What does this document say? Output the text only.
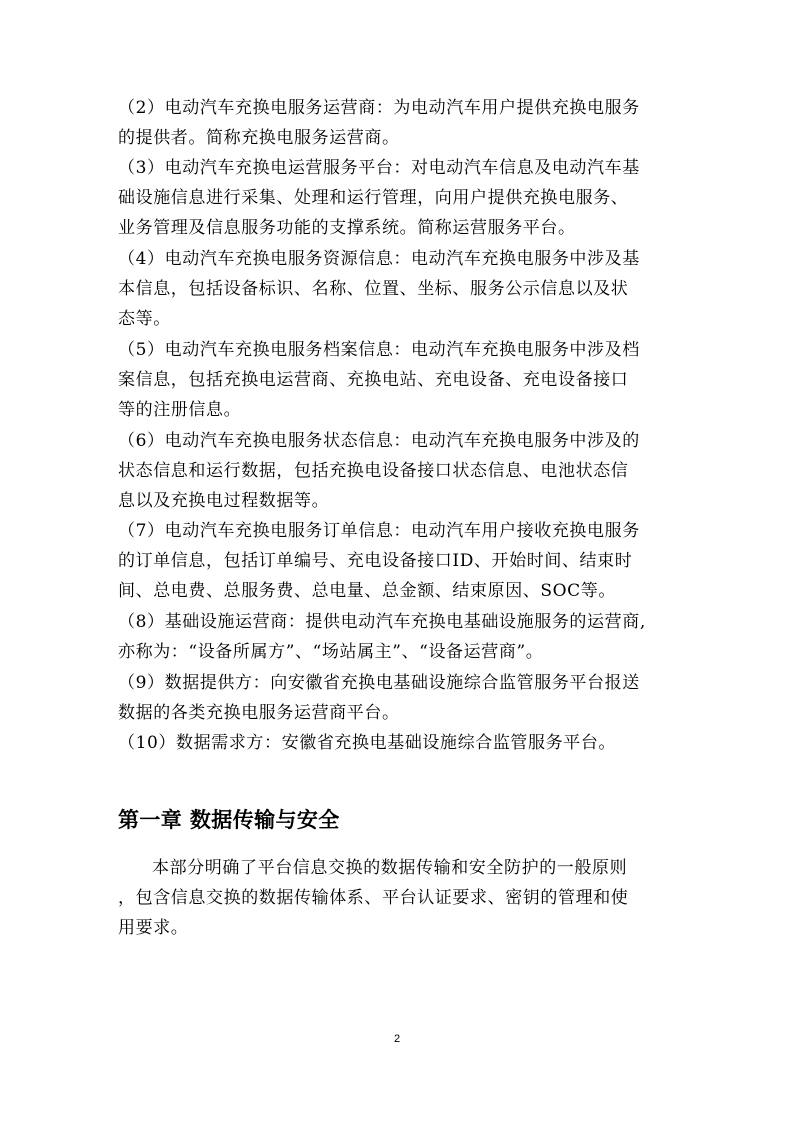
（2）电动汽车充换电服务运营商：为电动汽车用户提供充换电服务
的提供者。简称充换电服务运营商。
（3）电动汽车充换电运营服务平台：对电动汽车信息及电动汽车基
础设施信息进行采集、处理和运行管理，向用户提供充换电服务、
业务管理及信息服务功能的支撑系统。简称运营服务平台。
（4）电动汽车充换电服务资源信息：电动汽车充换电服务中涉及基
本信息，包括设备标识、名称、位置、坐标、服务公示信息以及状
态等。
（5）电动汽车充换电服务档案信息：电动汽车充换电服务中涉及档
案信息，包括充换电运营商、充换电站、充电设备、充电设备接口
等的注册信息。
（6）电动汽车充换电服务状态信息：电动汽车充换电服务中涉及的
状态信息和运行数据，包括充换电设备接口状态信息、电池状态信
息以及充换电过程数据等。
（7）电动汽车充换电服务订单信息：电动汽车用户接收充换电服务
的订单信息，包括订单编号、充电设备接口ID、开始时间、结束时
间、总电费、总服务费、总电量、总金额、结束原因、SOC等。
（8）基础设施运营商：提供电动汽车充换电基础设施服务的运营商,
亦称为：“设备所属方”、“场站属主”、“设备运营商”。
（9）数据提供方：向安徽省充换电基础设施综合监管服务平台报送
数据的各类充换电服务运营商平台。
（10）数据需求方：安徽省充换电基础设施综合监管服务平台。
第一章 数据传输与安全
本部分明确了平台信息交换的数据传输和安全防护的一般原则
，包含信息交换的数据传输体系、平台认证要求、密钥的管理和使
用要求。
2
